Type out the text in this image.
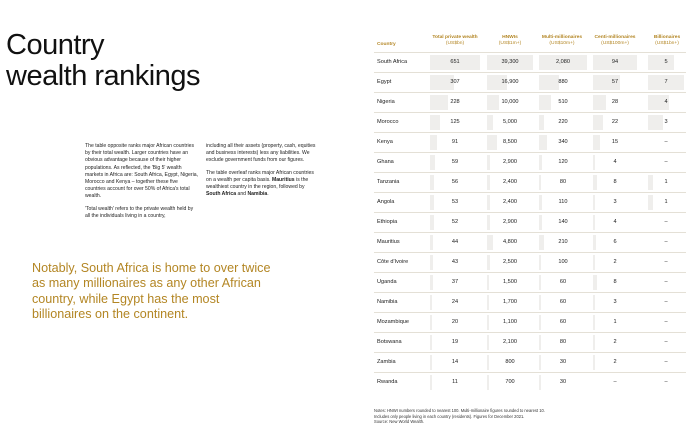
Country
wealth rankings

The table opposite ranks major African countries by their total wealth. Larger countries have an obvious advantage because of their higher populations. As reflected, the 'Big 5' wealth markets in Africa are: South Africa, Egypt, Nigeria, Morocco and Kenya – together these five countries account for over 50% of Africa's total wealth.

'Total wealth' refers to the private wealth held by all the individuals living in a country,

including all their assets (property, cash, equities and business interests) less any liabilities. We exclude government funds from our figures.

The table overleaf ranks major African countries on a wealth per capita basis. Mauritius is the wealthiest country in the region, followed by South Africa and Namibia.

Notably, South Africa is home to over twice as many millionaires as any other African country, while Egypt has the most billionaires on the continent.
Country
Total private wealth
(US$bn)
HNWIs
(US$1m+)
Multi-millionaires
(US$10m+)
Centi-millionaires
(US$100m+)
Billionaires
(US$1bn+)
South Africa	651	39,300	2,080	94	5
Egypt	307	16,900	880	57	7
Nigeria	228	10,000	510	28	4
Morocco	125	5,000	220	22	3
Kenya	91	8,500	340	15	–
Ghana	59	2,900	120	4	–
Tanzania	56	2,400	80	8	1
Angola	53	2,400	110	3	1
Ethiopia	52	2,900	140	4	–
Mauritius	44	4,800	210	6	–
Côte d'Ivoire	43	2,500	100	2	–
Uganda	37	1,500	60	8	–
Namibia	24	1,700	60	3	–
Mozambique	20	1,100	60	1	–
Botswana	19	2,100	80	2	–
Zambia	14	800	30	2	–
Rwanda	11	700	30	–	–
Notes: HNWI numbers rounded to nearest 100. Multi-millionaire figures rounded to nearest 10.
Includes only people living in each country (residents). Figures for December 2021.
Source: New World Wealth.
